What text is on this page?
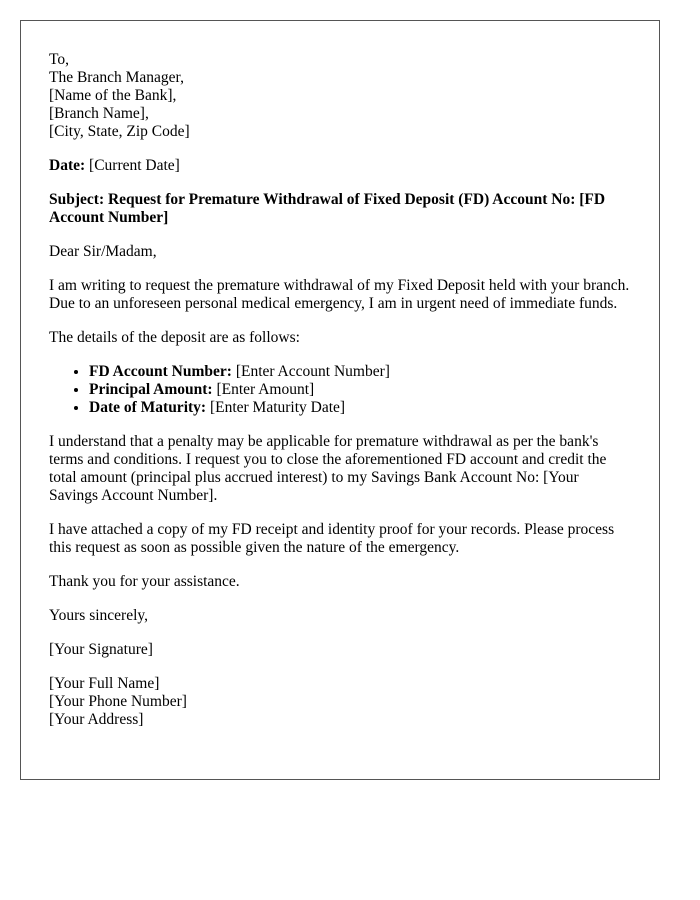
To,
The Branch Manager,
[Name of the Bank],
[Branch Name],
[City, State, Zip Code]

Date: [Current Date]

Subject: Request for Premature Withdrawal of Fixed Deposit (FD) Account No: [FD Account Number]

Dear Sir/Madam,

I am writing to request the premature withdrawal of my Fixed Deposit held with your branch. Due to an unforeseen personal medical emergency, I am in urgent need of immediate funds.

The details of the deposit are as follows:

• FD Account Number: [Enter Account Number]
• Principal Amount: [Enter Amount]
• Date of Maturity: [Enter Maturity Date]

I understand that a penalty may be applicable for premature withdrawal as per the bank's terms and conditions. I request you to close the aforementioned FD account and credit the total amount (principal plus accrued interest) to my Savings Bank Account No: [Your Savings Account Number].

I have attached a copy of my FD receipt and identity proof for your records. Please process this request as soon as possible given the nature of the emergency.

Thank you for your assistance.

Yours sincerely,

[Your Signature]

[Your Full Name]
[Your Phone Number]
[Your Address]
